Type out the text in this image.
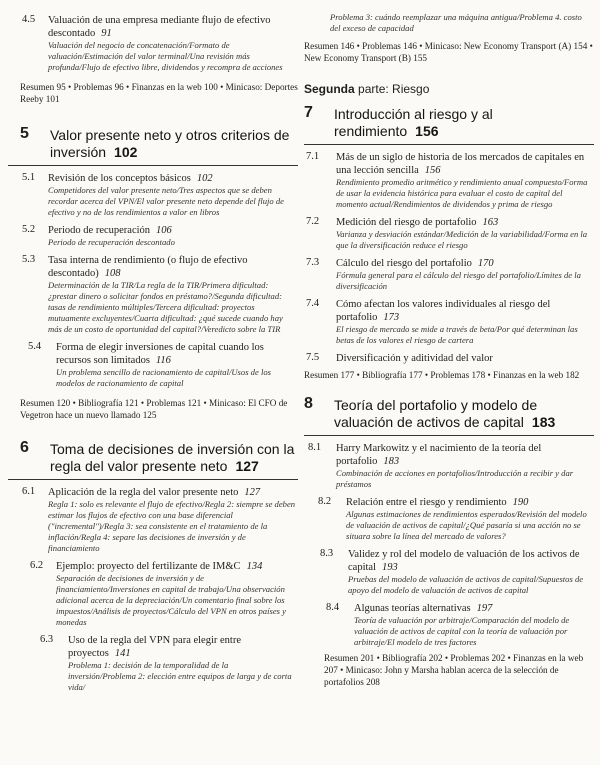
4.5 Valuación de una empresa mediante flujo de efectivo descontado 91
Valuación del negocio de concatenación/Formato de valuación/Estimación del valor terminal/Una revisión más profunda/Flujo de efectivo libre, dividendos y recompra de acciones
Resumen 95 • Problemas 96 • Finanzas en la web 100 • Minicaso: Deportes Reeby 101
5 Valor presente neto y otros criterios de inversión 102
5.1 Revisión de los conceptos básicos 102
Competidores del valor presente neto/Tres aspectos que se deben recordar acerca del VPN/El valor presente neto depende del flujo de efectivo y no de los rendimientos a valor en libros
5.2 Periodo de recuperación 106
Periodo de recuperación descontado
5.3 Tasa interna de rendimiento (o flujo de efectivo descontado) 108
Determinación de la TIR/La regla de la TIR/Primera dificultad: ¿prestar dinero o solicitar fondos en préstamo?/Segunda dificultad: tasas de rendimiento múltiples/Tercera dificultad: proyectos mutuamente excluyentes/Cuarta dificultad: ¿qué sucede cuando hay más de un costo de oportunidad del capital?/Veredicto sobre la TIR
5.4 Forma de elegir inversiones de capital cuando los recursos son limitados 116
Un problema sencillo de racionamiento de capital/Usos de los modelos de racionamiento de capital
Resumen 120 • Bibliografía 121 • Problemas 121 • Minicaso: El CFO de Vegetron hace un nuevo llamado 125
6 Toma de decisiones de inversión con la regla del valor presente neto 127
6.1 Aplicación de la regla del valor presente neto 127
Regla 1: solo es relevante el flujo de efectivo/Regla 2: siempre se deben estimar los flujos de efectivo con una base diferencial ("incremental")/Regla 3: sea consistente en el tratamiento de la inflación/Regla 4: separe las decisiones de inversión y de financiamiento
6.2 Ejemplo: proyecto del fertilizante de IM&C 134
Separación de decisiones de inversión y de financiamiento/Inversiones en capital de trabajo/Una observación adicional acerca de la depreciación/Un comentario final sobre los impuestos/Análisis de proyectos/Cálculo del VPN en otros países y monedas
6.3 Uso de la regla del VPN para elegir entre proyectos 141
Problema 1: decisión de la temporalidad de la inversión/Problema 2: elección entre equipos de larga y de corta vida/
Problema 3: cuándo reemplazar una máquina antigua/Problema 4. costo del exceso de capacidad
Resumen 146 • Problemas 146 • Minicaso: New Economy Transport (A) 154 • New Economy Transport (B) 155
Segunda parte: Riesgo
7 Introducción al riesgo y al rendimiento 156
7.1 Más de un siglo de historia de los mercados de capitales en una lección sencilla 156
Rendimiento promedio aritmético y rendimiento anual compuesto/Forma de usar la evidencia histórica para evaluar el costo de capital del momento actual/Rendimientos de dividendos y prima de riesgo
7.2 Medición del riesgo de portafolio 163
Varianza y desviación estándar/Medición de la variabilidad/Forma en la que la diversificación reduce el riesgo
7.3 Cálculo del riesgo del portafolio 170
Fórmula general para el cálculo del riesgo del portafolio/Límites de la diversificación
7.4 Cómo afectan los valores individuales al riesgo del portafolio 173
El riesgo de mercado se mide a través de beta/Por qué determinan las betas de los valores el riesgo de cartera
7.5 Diversificación y aditividad del valor
Resumen 177 • Bibliografía 177 • Problemas 178 • Finanzas en la web 182
8 Teoría del portafolio y modelo de valuación de activos de capital 183
8.1 Harry Markowitz y el nacimiento de la teoría del portafolio 183
Combinación de acciones en portafolios/Introducción a recibir y dar préstamos
8.2 Relación entre el riesgo y rendimiento 190
Algunas estimaciones de rendimientos esperados/Revisión del modelo de valuación de activos de capital/¿Qué pasaría si una acción no se situara sobre la línea del mercado de valores?
8.3 Validez y rol del modelo de valuación de los activos de capital 193
Pruebas del modelo de valuación de activos de capital/Supuestos de apoyo del modelo de valuación de activos de capital
8.4 Algunas teorías alternativas 197
Teoría de valuación por arbitraje/Comparación del modelo de valuación de activos de capital con la teoría de valuación por arbitraje/El modelo de tres factores
Resumen 201 • Bibliografía 202 • Problemas 202 • Finanzas en la web 207 • Minicaso: John y Marsha hablan acerca de la selección de portafolios 208
